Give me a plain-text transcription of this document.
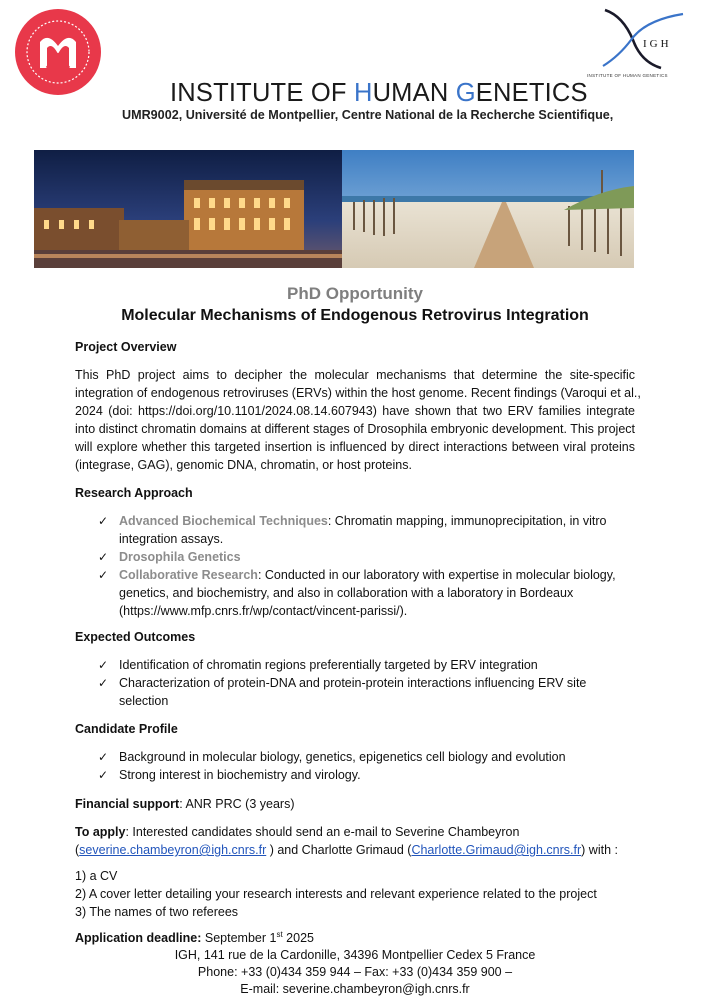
IGH
INSTITUTE OF HUMAN GENETICS
INSTITUTE OF HUMAN GENETICS
UMR9002, Université de Montpellier, Centre National de la Recherche Scientifique,
PhD Opportunity
Molecular Mechanisms of Endogenous Retrovirus Integration
Project Overview
This PhD project aims to decipher the molecular mechanisms that determine the site-specific
integration of endogenous retroviruses (ERVs) within the host genome. Recent findings (Varoqui et al.,
2024 (doi: https://doi.org/10.1101/2024.08.14.607943) have shown that two ERV families integrate
into distinct chromatin domains at different stages of Drosophila embryonic development. This project
will explore whether this targeted insertion is influenced by direct interactions between viral proteins
(integrase, GAG), genomic DNA, chromatin, or host proteins.
Research Approach
✓ Advanced Biochemical Techniques: Chromatin mapping, immunoprecipitation, in vitro
integration assays.
✓ Drosophila Genetics
✓ Collaborative Research: Conducted in our laboratory with expertise in molecular biology,
genetics, and biochemistry, and also in collaboration with a laboratory in Bordeaux
(https://www.mfp.cnrs.fr/wp/contact/vincent-parissi/).
Expected Outcomes
✓ Identification of chromatin regions preferentially targeted by ERV integration
✓ Characterization of protein-DNA and protein-protein interactions influencing ERV site
selection
Candidate Profile
✓ Background in molecular biology, genetics, epigenetics cell biology and evolution
✓ Strong interest in biochemistry and virology.
Financial support: ANR PRC (3 years)
To apply: Interested candidates should send an e-mail to Severine Chambeyron
(severine.chambeyron@igh.cnrs.fr ) and Charlotte Grimaud (Charlotte.Grimaud@igh.cnrs.fr) with :
1) a CV
2) A cover letter detailing your research interests and relevant experience related to the project
3) The names of two referees
Application deadline: September 1st 2025
IGH, 141 rue de la Cardonille, 34396 Montpellier Cedex 5 France
Phone: +33 (0)434 359 944 – Fax: +33 (0)434 359 900 –
E-mail: severine.chambeyron@igh.cnrs.fr
